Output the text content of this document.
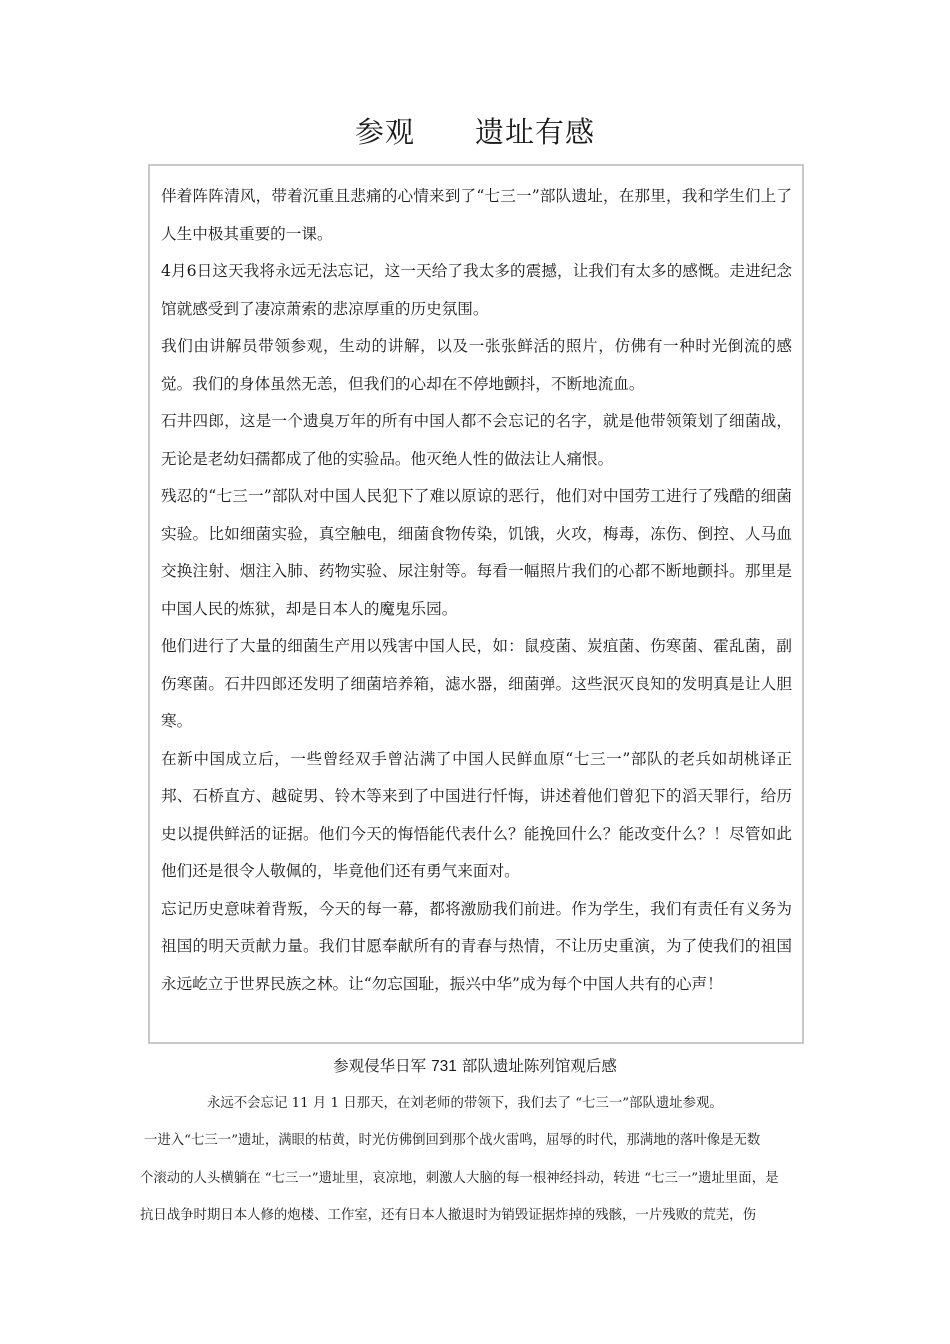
参观 遗址有感

伴着阵阵清风，带着沉重且悲痛的心情来到了“七三一”部队遗址，在那里，我和学生们上了人生中极其重要的一课。

4月6日这天我将永远无法忘记，这一天给了我太多的震撼，让我们有太多的感慨。走进纪念馆就感受到了凄凉萧索的悲凉厚重的历史氛围。

我们由讲解员带领参观，生动的讲解，以及一张张鲜活的照片，仿佛有一种时光倒流的感觉。我们的身体虽然无恙，但我们的心却在不停地颤抖，不断地流血。

石井四郎，这是一个遗臭万年的所有中国人都不会忘记的名字，就是他带领策划了细菌战，无论是老幼妇孺都成了他的实验品。他灭绝人性的做法让人痛恨。

残忍的“七三一”部队对中国人民犯下了难以原谅的恶行，他们对中国劳工进行了残酷的细菌实验。比如细菌实验，真空触电，细菌食物传染，饥饿，火攻，梅毒，冻伤、倒控、人马血交换注射、烟注入肺、药物实验、尿注射等。每看一幅照片我们的心都不断地颤抖。那里是中国人民的炼狱，却是日本人的魔鬼乐园。

他们进行了大量的细菌生产用以残害中国人民，如：鼠疫菌、炭疽菌、伤寒菌、霍乱菌，副伤寒菌。石井四郎还发明了细菌培养箱，滤水器，细菌弹。这些泯灭良知的发明真是让人胆寒。

在新中国成立后，一些曾经双手曾沾满了中国人民鲜血原“七三一”部队的老兵如胡桃译正邦、石桥直方、越碇男、铃木等来到了中国进行忏悔，讲述着他们曾犯下的滔天罪行，给历史以提供鲜活的证据。他们今天的悔悟能代表什么？能挽回什么？能改变什么？！尽管如此他们还是很令人敬佩的，毕竟他们还有勇气来面对。

忘记历史意味着背叛，今天的每一幕，都将激励我们前进。作为学生，我们有责任有义务为祖国的明天贡献力量。我们甘愿奉献所有的青春与热情，不让历史重演，为了使我们的祖国永远屹立于世界民族之林。让“勿忘国耻，振兴中华”成为每个中国人共有的心声！

参观侵华日军 731 部队遗址陈列馆观后感
永远不会忘记 11 月 1 日那天，在刘老师的带领下，我们去了 “七三一”部队遗址参观。
一进入“七三一”遗址，满眼的枯黄，时光仿佛倒回到那个战火雷鸣，屈辱的时代，那满地的落叶像是无数
个滚动的人头横躺在 “七三一”遗址里，哀凉地，刺激人大脑的每一根神经抖动，转进 “七三一”遗址里面，是
抗日战争时期日本人修的炮楼、工作室，还有日本人撤退时为销毁证据炸掉的残骸，一片残败的荒芜，伤
